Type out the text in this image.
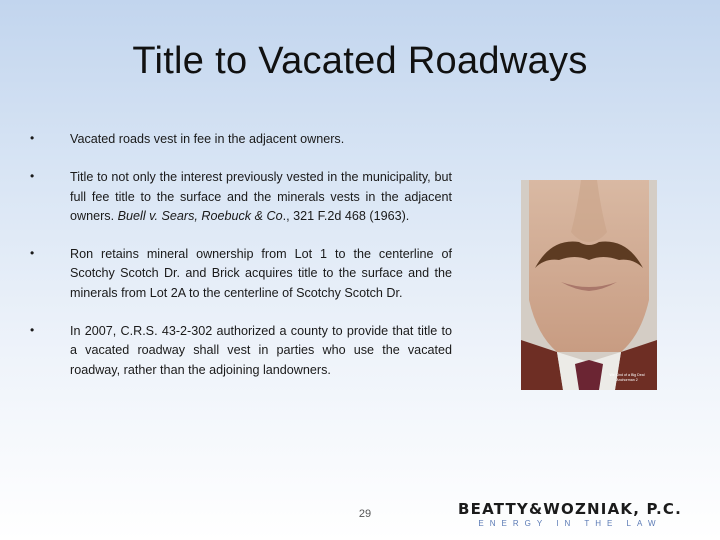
Title to Vacated Roadways
•	Vacated roads vest in fee in the adjacent owners.
•	Title to not only the interest previously vested in the municipality, but full fee title to the surface and the minerals vests in the adjacent owners. Buell v. Sears, Roebuck & Co., 321 F.2d 468 (1963).
•	Ron retains mineral ownership from Lot 1 to the centerline of Scotchy Scotch Dr. and Brick acquires title to the surface and the minerals from Lot 2A to the centerline of Scotchy Scotch Dr.
•	In 2007, C.R.S. 43-2-302 authorized a county to provide that title to a vacated roadway shall vest in parties who use the vacated roadway, rather than the adjoining landowners.	We Kind of a Big Deal
Anchorman 2
29	BEATTY&WOZNIAK, P.C.
ENERGY IN THE LAW
